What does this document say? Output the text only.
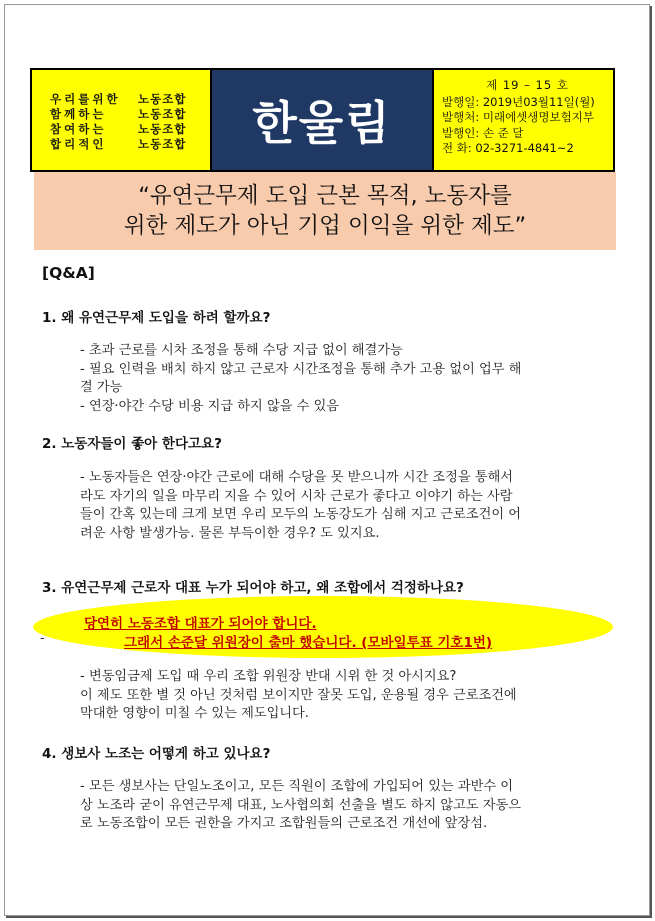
우리를위한	노동조합
함께하는	노동조합
참여하는	노동조합
합리적인	노동조합 한울림
제 19 – 15 호
발행일: 2019년03월11일(월)
발행처: 미래에셋생명보험지부
발행인: 손 준 달
전 화: 02-3271-4841~2
“유연근무제 도입 근본 목적, 노동자를
위한 제도가 아닌 기업 이익을 위한 제도”
[Q&A]
1. 왜 유연근무제 도입을 하려 할까요?

- 초과 근로를 시차 조정을 통해 수당 지급 없이 해결가능

- 필요 인력을 배치 하지 않고 근로자 시간조정을 통해 추가 고용 없이 업무 해

결 가능

- 연장·야간 수당 비용 지급 하지 않을 수 있음

2. 노동자들이 좋아 한다고요?

- 노동자들은 연장·야간 근로에 대해 수당을 못 받으니까 시간 조정을 통해서

라도 자기의 일을 마무리 지을 수 있어 시차 근로가 좋다고 이야기 하는 사람

들이 간혹 있는데 크게 보면 우리 모두의 노동강도가 심해 지고 근로조건이 어

려운 사항 발생가능. 물론 부득이한 경우? 도 있지요.

3. 유연근무제 근로자 대표 누가 되어야 하고, 왜 조합에서 걱정하나요?
당연히 노동조합 대표가 되어야 합니다.
-	그래서 손준달 위원장이 출마 했습니다. (모바일투표 기호1번)

- 변동임금제 도입 때 우리 조합 위원장 반대 시위 한 것 아시지요?

이 제도 또한 별 것 아닌 것처럼 보이지만 잘못 도입, 운용될 경우 근로조건에

막대한 영향이 미칠 수 있는 제도입니다.

4. 생보사 노조는 어떻게 하고 있나요?

- 모든 생보사는 단일노조이고, 모든 직원이 조합에 가입되어 있는 과반수 이

상 노조라 굳이 유연근무제 대표, 노사협의회 선출을 별도 하지 않고도 자동으

로 노동조합이 모든 권한을 가지고 조합원들의 근로조건 개선에 앞장섬.
